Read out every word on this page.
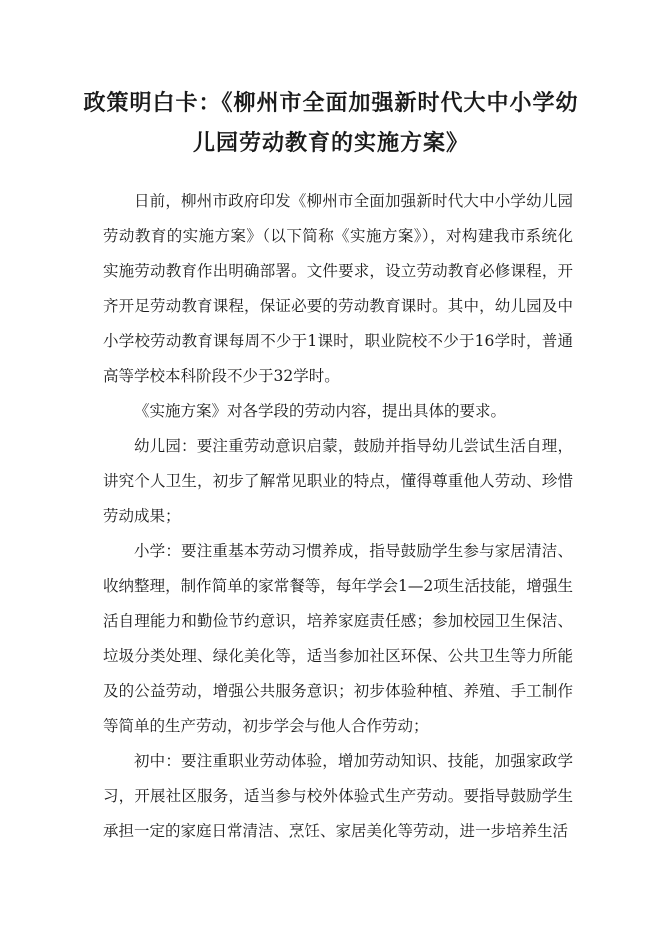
政策明白卡：《柳州市全面加强新时代大中小学幼
儿园劳动教育的实施方案》

日前，柳州市政府印发《柳州市全面加强新时代大中小学幼儿园劳动教育的实施方案》（以下简称《实施方案》），对构建我市系统化实施劳动教育作出明确部署。文件要求，设立劳动教育必修课程，开齐开足劳动教育课程，保证必要的劳动教育课时。其中，幼儿园及中小学校劳动教育课每周不少于1课时，职业院校不少于16学时，普通高等学校本科阶段不少于32学时。

《实施方案》对各学段的劳动内容，提出具体的要求。

幼儿园：要注重劳动意识启蒙，鼓励并指导幼儿尝试生活自理，讲究个人卫生，初步了解常见职业的特点，懂得尊重他人劳动、珍惜劳动成果；

小学：要注重基本劳动习惯养成，指导鼓励学生参与家居清洁、收纳整理，制作简单的家常餐等，每年学会1—2项生活技能，增强生活自理能力和勤俭节约意识，培养家庭责任感；参加校园卫生保洁、垃圾分类处理、绿化美化等，适当参加社区环保、公共卫生等力所能及的公益劳动，增强公共服务意识；初步体验种植、养殖、手工制作等简单的生产劳动，初步学会与他人合作劳动；

初中：要注重职业劳动体验，增加劳动知识、技能，加强家政学习，开展社区服务，适当参与校外体验式生产劳动。要指导鼓励学生承担一定的家庭日常清洁、烹饪、家居美化等劳动，进一步培养生活
